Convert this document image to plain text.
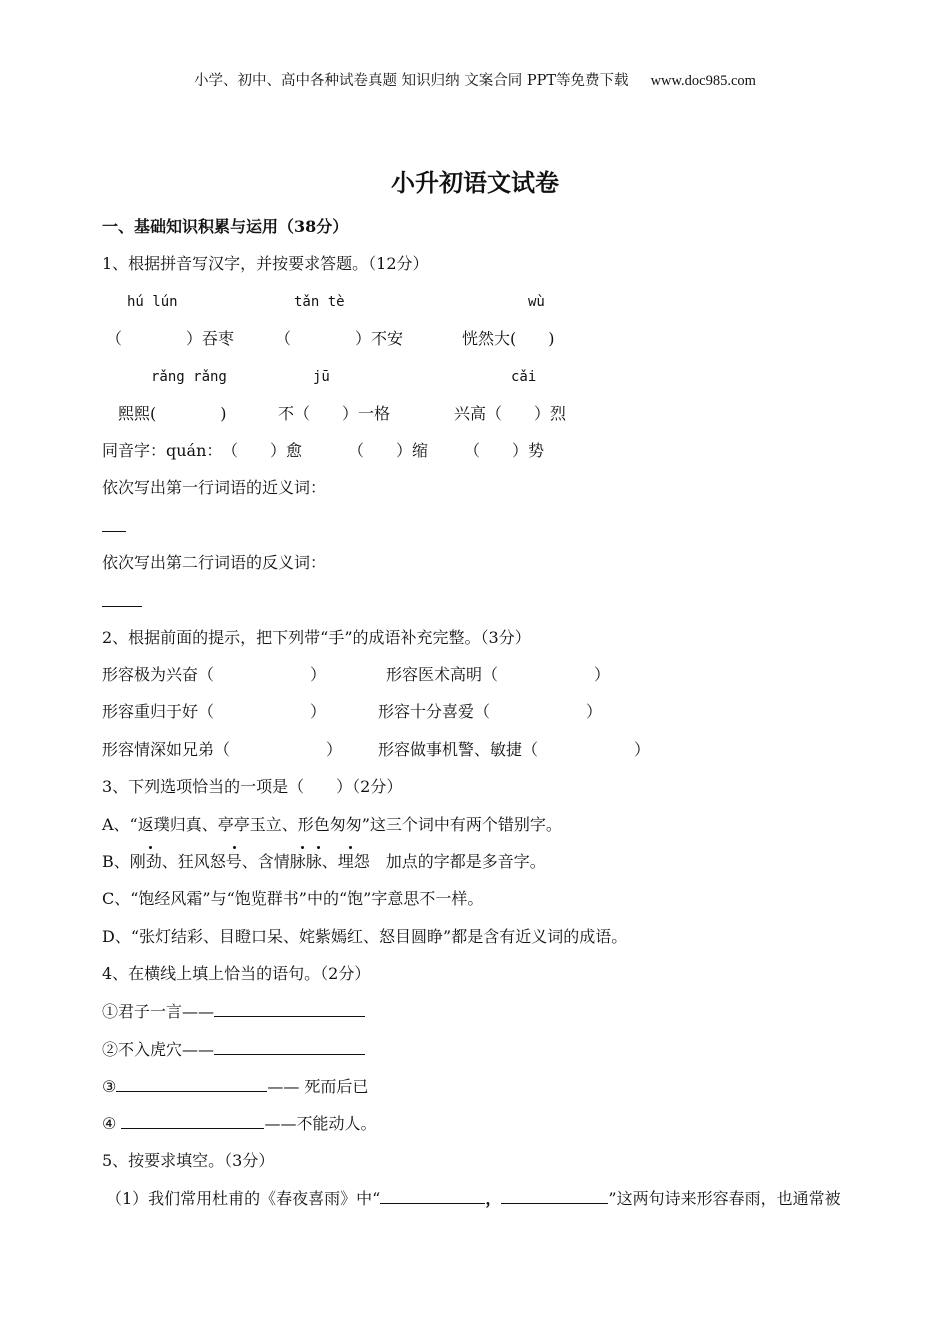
小学、初中、高中各种试卷真题 知识归纳 文案合同 PPT等免费下载 www.doc985.com
小升初语文试卷
一、基础知识积累与运用（38分）
1、根据拼音写汉字，并按要求答题。（12分）
hú lún	tǎn tè	wù
（　　　　）吞枣	（　　　　）不安	恍然大(　　)
rǎng rǎng	jū	cǎi
熙熙(　　　　)	不（　　）一格	兴高（　　）烈
同音字：quán： （　　）愈	（　　）缩 （　　）势
依次写出第一行词语的近义词：
依次写出第二行词语的反义词：
2、根据前面的提示，把下列带“手”的成语补充完整。（3分）
形容极为兴奋（　　　　　　）	形容医术高明（　　　　　　）
形容重归于好（　　　　　　）	形容十分喜爱（　　　　　　）
形容情深如兄弟（　　　　　　） 形容做事机警、敏捷（　　　　　　）
3、下列选项恰当的一项是（　　）（2分）
A、“返璞归真、亭亭玉立、形色匆匆”这三个词中有两个错别字。
B、刚劲、狂风怒号、含情脉脉、埋怨　加点的字都是多音字。
C、“饱经风霜”与“饱览群书”中的“饱”字意思不一样。
D、“张灯结彩、目瞪口呆、姹紫嫣红、怒目圆睁”都是含有近义词的成语。
4、在横线上填上恰当的语句。（2分）
①君子一言——
②不入虎穴——
③	—— 死而后已
④	——不能动人。
5、按要求填空。（3分）
（1）我们常用杜甫的《春夜喜雨》中“	，	”这两句诗来形容春雨，也通常被
